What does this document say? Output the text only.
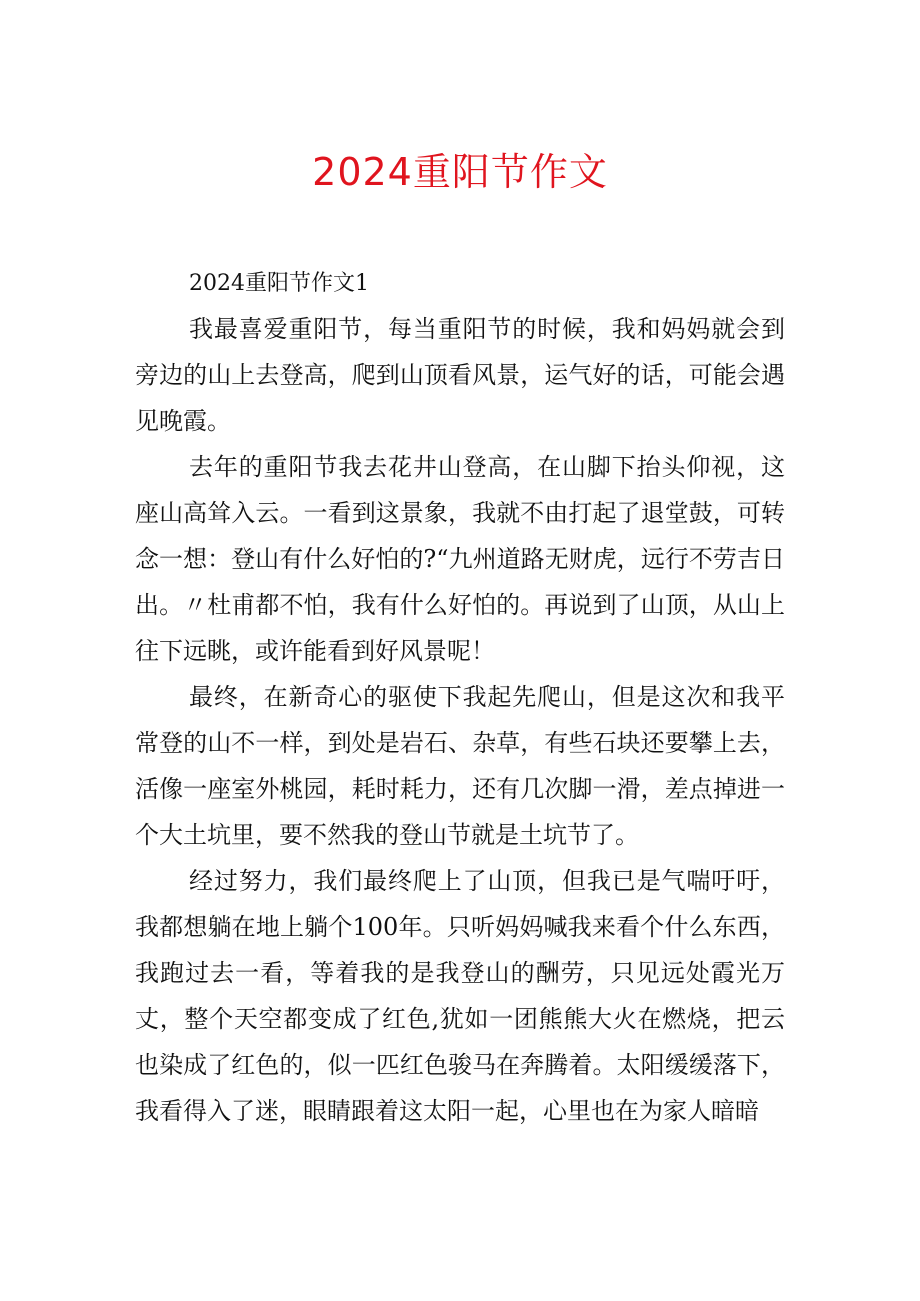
2024重阳节作文
2024重阳节作文1

我最喜爱重阳节，每当重阳节的时候，我和妈妈就会到旁边的山上去登高，爬到山顶看风景，运气好的话，可能会遇见晚霞。

去年的重阳节我去花井山登高，在山脚下抬头仰视，这座山高耸入云。一看到这景象，我就不由打起了退堂鼓，可转念一想：登山有什么好怕的?“九州道路无财虎，远行不劳吉日出。〃杜甫都不怕，我有什么好怕的。再说到了山顶，从山上往下远眺，或许能看到好风景呢！

最终，在新奇心的驱使下我起先爬山，但是这次和我平常登的山不一样，到处是岩石、杂草，有些石块还要攀上去，活像一座室外桃园，耗时耗力，还有几次脚一滑，差点掉进一个大土坑里，要不然我的登山节就是土坑节了。

经过努力，我们最终爬上了山顶，但我已是气喘吁吁，我都想躺在地上躺个100年。只听妈妈喊我来看个什么东西，我跑过去一看，等着我的是我登山的酬劳，只见远处霞光万丈，整个天空都变成了红色,犹如一团熊熊大火在燃烧，把云也染成了红色的，似一匹红色骏马在奔腾着。太阳缓缓落下，我看得入了迷，眼睛跟着这太阳一起，心里也在为家人暗暗
